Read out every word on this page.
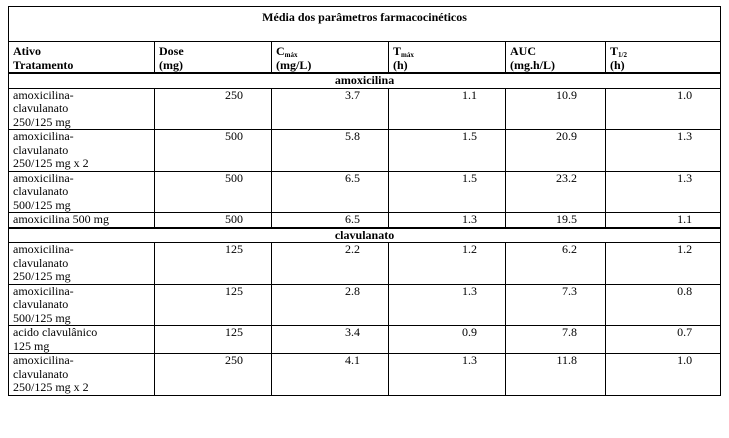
Média dos parâmetros farmacocinéticos					
Ativo	Dose	$C_{máx}$	$T_{máx}$	AUC	$T_{1/2}$
Tratamento	(mg)	(mg/L)	(h)	(mg.h/L)	(h)
amoxicilina					

amoxicilina-
clavulanato
250/125 mg	250	3.7	1.1	10.9	1.0

amoxicilina-
clavulanato
250/125 mg x 2	500	5.8	1.5	20.9	1.3

amoxicilina-
clavulanato
500/125 mg	500	6.5	1.5	23.2	1.3

amoxicilina 500 mg	500	6.5	1.3	19.5	1.1
clavulanato					

amoxicilina-
clavulanato
250/125 mg	125	2.2	1.2	6.2	1.2

amoxicilina-
clavulanato
500/125 mg	125	2.8	1.3	7.3	0.8

acido clavulânico
125 mg	125	3.4	0.9	7.8	0.7

amoxicilina-
clavulanato
250/125 mg x 2	250	4.1	1.3	11.8	1.0
